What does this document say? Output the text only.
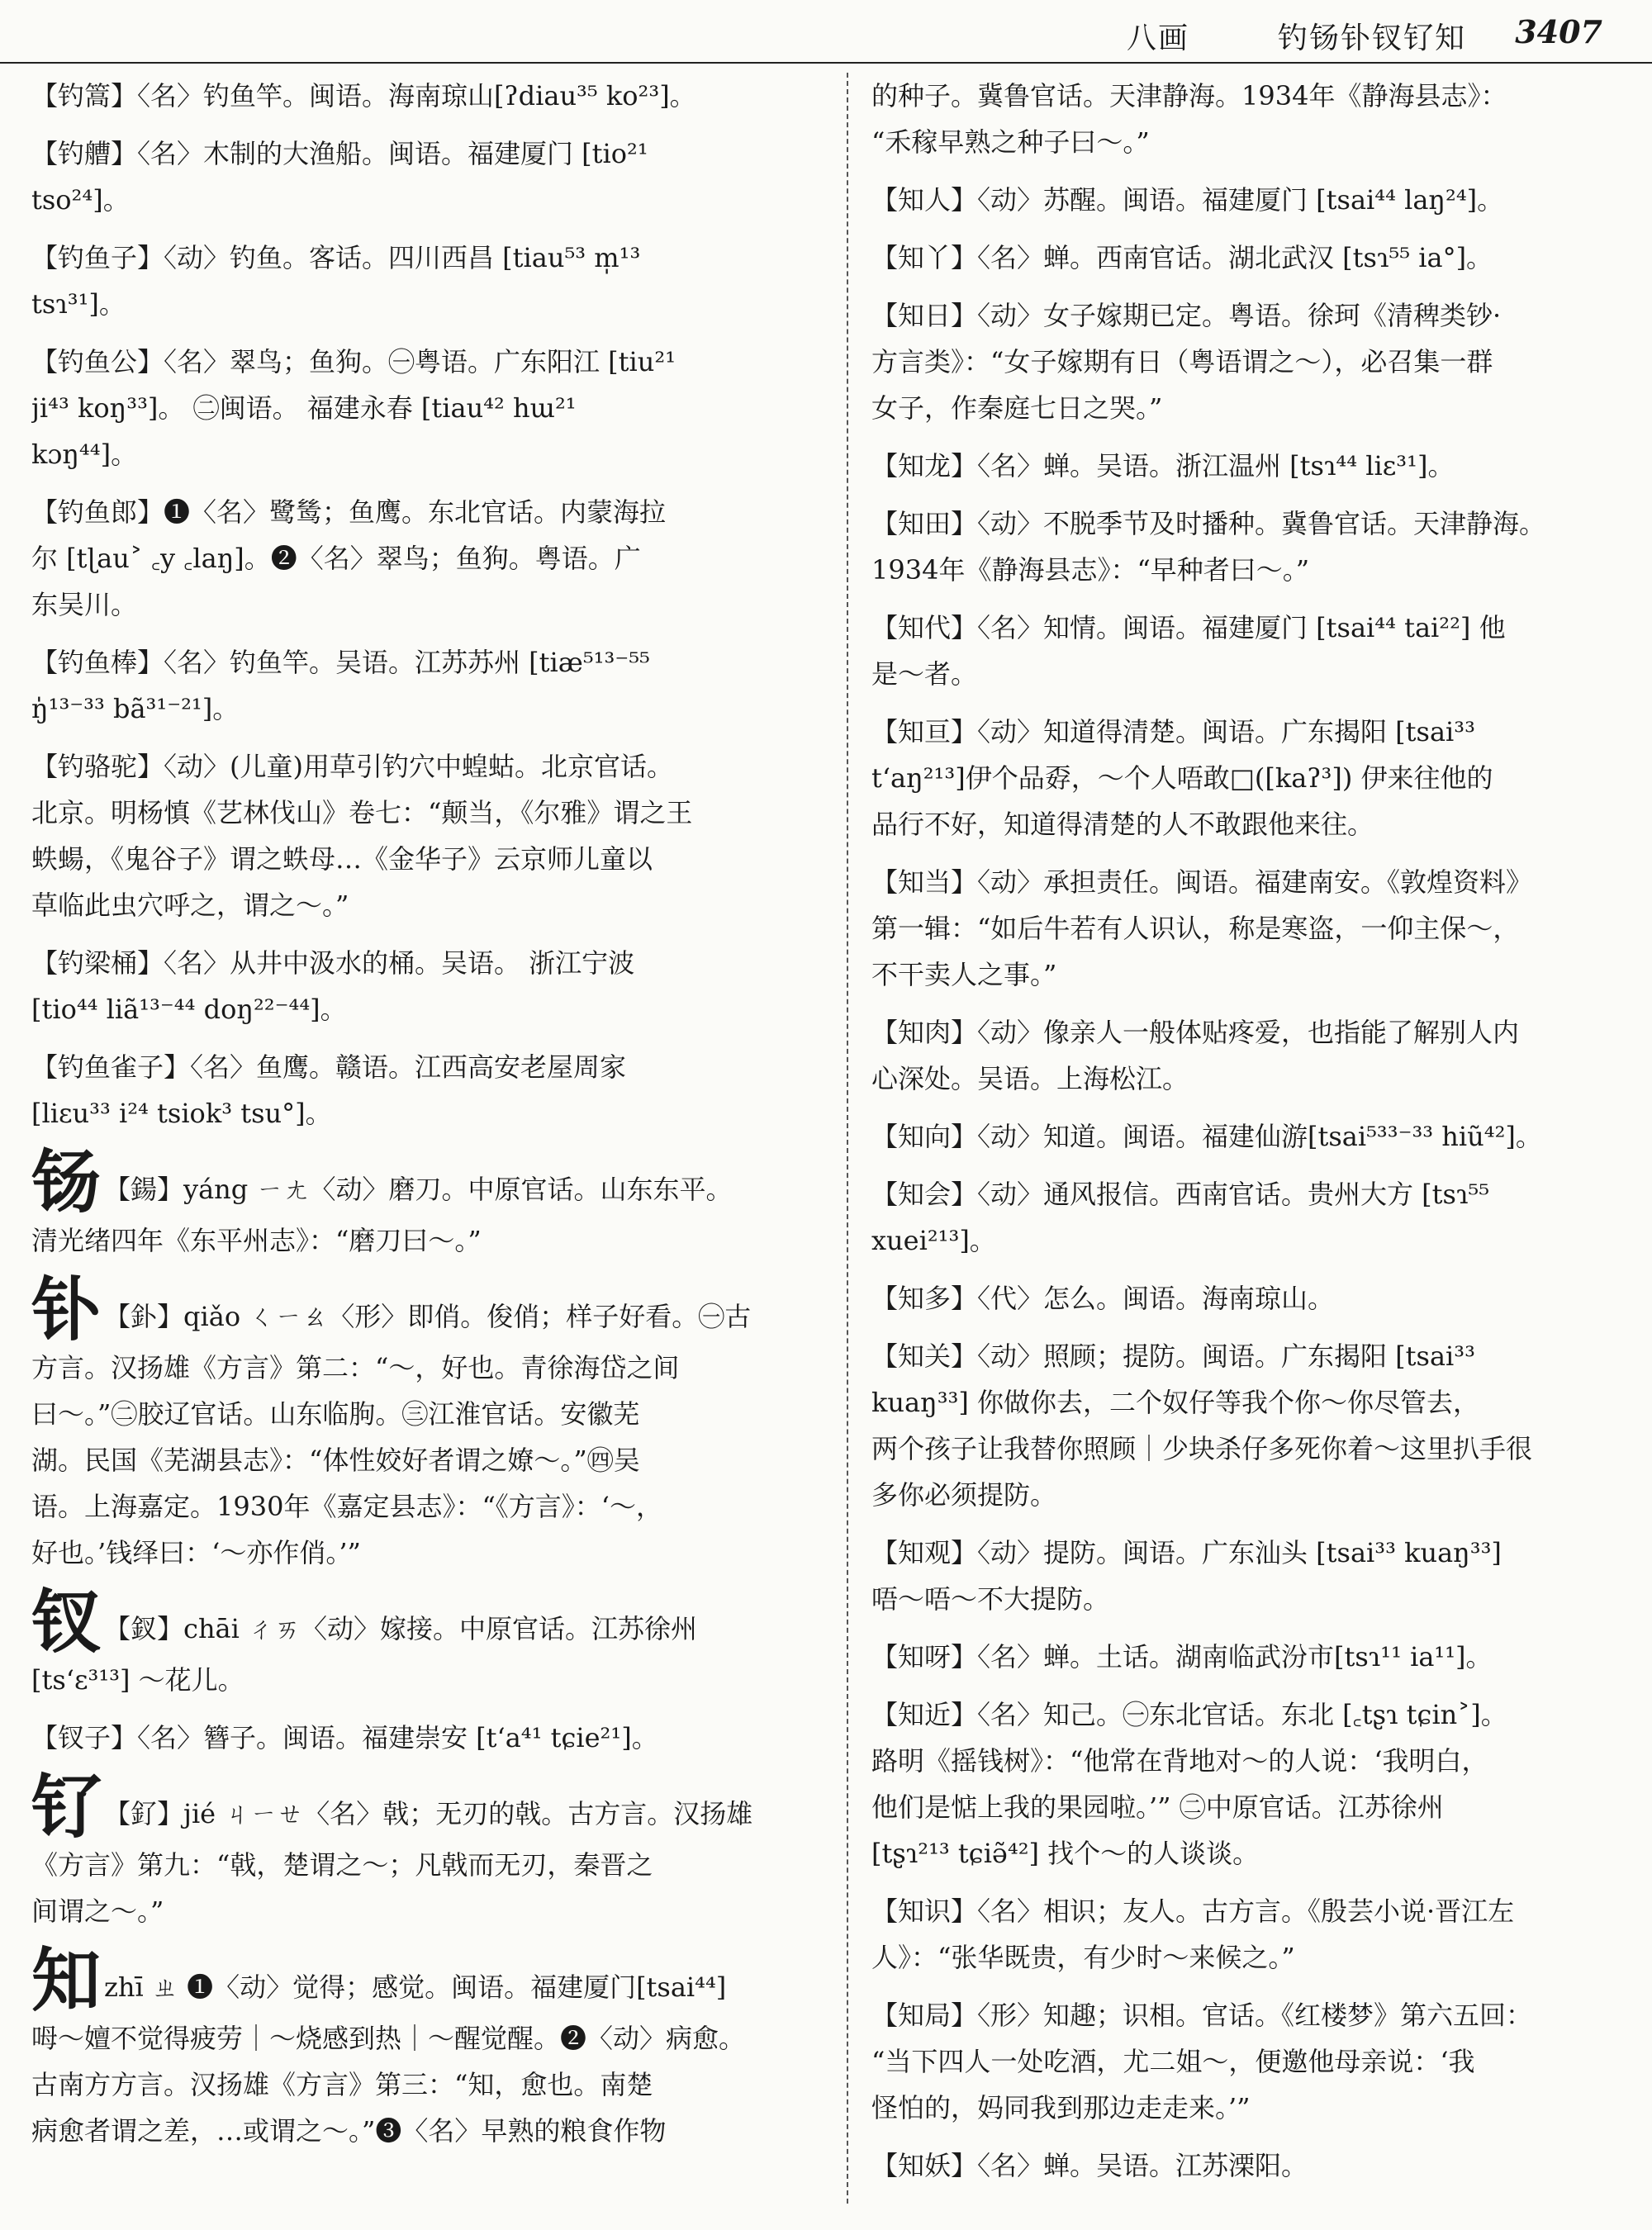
八画	钓钖钋钗钌知 3407

【钓篙】〈名〉钓鱼竿。闽语。海南琼山[ʔdiau³⁵ ko²³]。

【钓艚】〈名〉木制的大渔船。闽语。福建厦门 [tio²¹

tso²⁴]。

【钓鱼子】〈动〉钓鱼。客话。四川西昌 [tiau⁵³ m̩¹³

tsɿ³¹]。

【钓鱼公】〈名〉翠鸟；鱼狗。㊀粤语。广东阳江 [tiu²¹

ji⁴³ koŋ³³]。 ㊁闽语。 福建永春 [tiau⁴² hɯ²¹

kɔŋ⁴⁴]。

【钓鱼郎】❶〈名〉鹭鸶；鱼鹰。东北官话。内蒙海拉

尔 [tɭau˃ ꜀y ꜀laŋ]。❷〈名〉翠鸟；鱼狗。粤语。广

东吴川。

【钓鱼棒】〈名〉钓鱼竿。吴语。江苏苏州 [tiæ⁵¹³⁻⁵⁵

ŋ̍¹³⁻³³ bã³¹⁻²¹]。

【钓骆驼】〈动〉(儿童)用草引钓穴中蝗蛄。北京官话。

北京。明杨慎《艺林伐山》卷七：“颠当，《尔雅》谓之王

蛈蝪，《鬼谷子》谓之蛈母…《金华子》云京师儿童以

草临此虫穴呼之，谓之～。”

【钓梁桶】〈名〉从井中汲水的桶。吴语。 浙江宁波

[tio⁴⁴ liã¹³⁻⁴⁴ doŋ²²⁻⁴⁴]。

【钓鱼雀子】〈名〉鱼鹰。赣语。江西高安老屋周家

[liɛu³³ i²⁴ tsiok³ tsu°]。

钖 【鍚】yáng ㄧㄤ〈动〉磨刀。中原官话。山东东平。

清光绪四年《东平州志》：“磨刀曰～。”

钋 【釙】qiǎo ㄑㄧㄠ〈形〉即俏。俊俏；样子好看。㊀古

方言。汉扬雄《方言》第二：“～，好也。青徐海岱之间

曰～。”㊁胶辽官话。山东临朐。㊂江淮官话。安徽芜

湖。民国《芜湖县志》：“体性姣好者谓之嫽～。”㊃吴

语。上海嘉定。1930年《嘉定县志》：“《方言》：‘～，

好也。’钱绎曰：‘～亦作俏。’”

钗 【釵】chāi ㄔㄞ〈动〉嫁接。中原官话。江苏徐州

[ts‘ɛ³¹³] ～花儿。

【钗子】〈名〉簪子。闽语。福建崇安 [t‘a⁴¹ tɕie²¹]。

钌 【釕】jié ㄐㄧㄝ〈名〉戟；无刃的戟。古方言。汉扬雄

《方言》第九：“戟，楚谓之～；凡戟而无刃，秦晋之

间谓之～。”

知zhī ㄓ ❶〈动〉觉得；感觉。闽语。福建厦门[tsai⁴⁴]

呣～嬗不觉得疲劳｜～烧感到热｜～醒觉醒。❷〈动〉病愈。

古南方方言。汉扬雄《方言》第三：“知，愈也。南楚

病愈者谓之差，…或谓之～。”❸〈名〉早熟的粮食作物

的种子。冀鲁官话。天津静海。1934年《静海县志》：

“禾稼早熟之种子曰～。”

【知人】〈动〉苏醒。闽语。福建厦门 [tsai⁴⁴ laŋ²⁴]。

【知丫】〈名〉蝉。西南官话。湖北武汉 [tsɿ⁵⁵ ia°]。

【知日】〈动〉女子嫁期已定。粤语。徐珂《清稗类钞·

方言类》：“女子嫁期有日（粤语谓之～），必召集一群

女子，作秦庭七日之哭。”

【知龙】〈名〉蝉。吴语。浙江温州 [tsɿ⁴⁴ liɛ³¹]。

【知田】〈动〉不脱季节及时播种。冀鲁官话。天津静海。

1934年《静海县志》：“早种者曰～。”

【知代】〈名〉知情。闽语。福建厦门 [tsai⁴⁴ tai²²] 他

是～者。

【知亘】〈动〉知道得清楚。闽语。广东揭阳 [tsai³³

t‘aŋ²¹³]伊个品孬，～个人唔敢□([kaʔ³]) 伊来往他的

品行不好，知道得清楚的人不敢跟他来往。

【知当】〈动〉承担责任。闽语。福建南安。《敦煌资料》

第一辑：“如后牛若有人识认，称是寒盗，一仰主保～，

不干卖人之事。”

【知肉】〈动〉像亲人一般体贴疼爱，也指能了解别人内

心深处。吴语。上海松江。

【知向】〈动〉知道。闽语。福建仙游[tsai⁵³³⁻³³ hiũ⁴²]。

【知会】〈动〉通风报信。西南官话。贵州大方 [tsɿ⁵⁵

xuei²¹³]。

【知多】〈代〉怎么。闽语。海南琼山。

【知关】〈动〉照顾；提防。闽语。广东揭阳 [tsai³³

kuaŋ³³] 你做你去，二个奴仔等我个你～你尽管去，

两个孩子让我替你照顾｜少块杀仔多死你着～这里扒手很

多你必须提防。

【知观】〈动〉提防。闽语。广东汕头 [tsai³³ kuaŋ³³]

唔～唔～不大提防。

【知呀】〈名〉蝉。土话。湖南临武汾市[tsɿ¹¹ ia¹¹]。

【知近】〈名〉知己。㊀东北官话。东北 [꜀tʂɿ tɕin˃]。

路明《摇钱树》：“他常在背地对～的人说：‘我明白，

他们是惦上我的果园啦。’” ㊁中原官话。江苏徐州

[tʂɿ²¹³ tɕiə̃⁴²] 找个～的人谈谈。

【知识】〈名〉相识；友人。古方言。《殷芸小说·晋江左

人》：“张华既贵，有少时～来候之。”

【知局】〈形〉知趣；识相。官话。《红楼梦》第六五回：

“当下四人一处吃酒，尤二姐～，便邀他母亲说：‘我

怪怕的，妈同我到那边走走来。’”

【知妖】〈名〉蝉。吴语。江苏溧阳。
